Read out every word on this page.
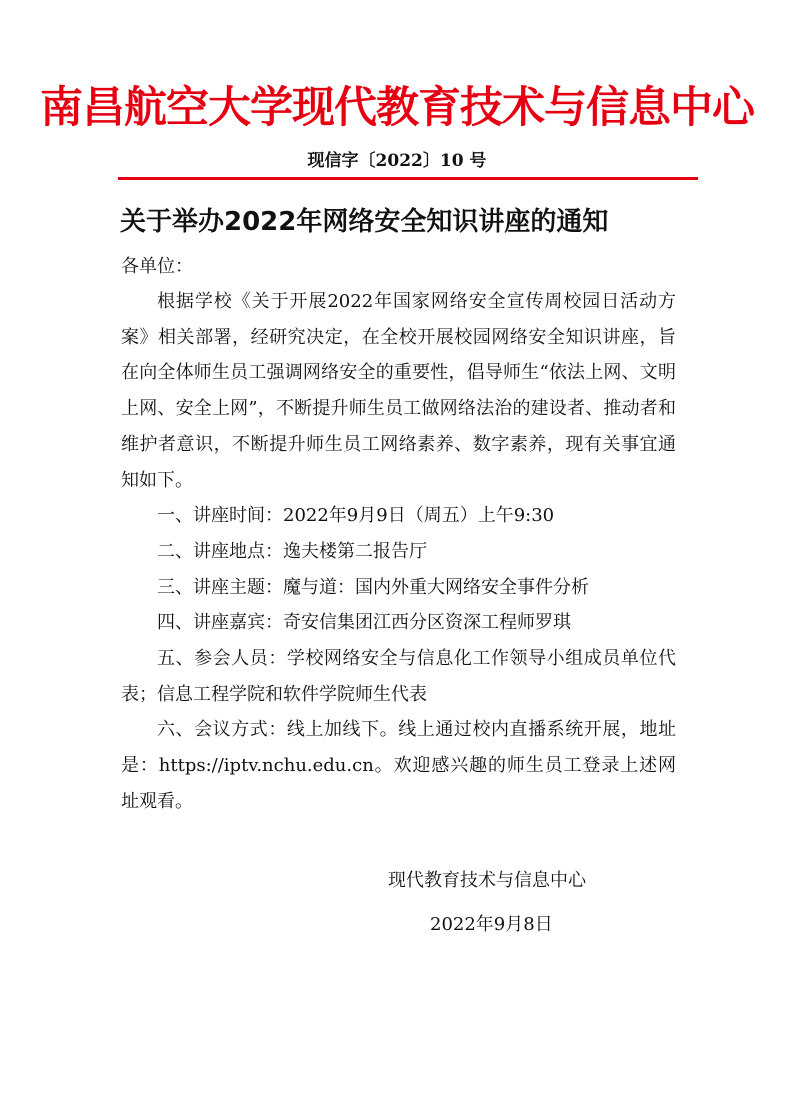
南昌航空大学现代教育技术与信息中心
现信字〔2022〕10 号
关于举办2022年网络安全知识讲座的通知
各单位：

根据学校《关于开展2022年国家网络安全宣传周校园日活动方案》相关部署，经研究决定，在全校开展校园网络安全知识讲座，旨在向全体师生员工强调网络安全的重要性，倡导师生“依法上网、文明上网、安全上网”，不断提升师生员工做网络法治的建设者、推动者和维护者意识，不断提升师生员工网络素养、数字素养，现有关事宜通知如下。

一、讲座时间：2022年9月9日（周五）上午9:30

二、讲座地点：逸夫楼第二报告厅

三、讲座主题：魔与道：国内外重大网络安全事件分析

四、讲座嘉宾：奇安信集团江西分区资深工程师罗琪

五、参会人员：学校网络安全与信息化工作领导小组成员单位代表；信息工程学院和软件学院师生代表

六、会议方式：线上加线下。线上通过校内直播系统开展，地址是：https://iptv.nchu.edu.cn。欢迎感兴趣的师生员工登录上述网址观看。

现代教育技术与信息中心
2022年9月8日
